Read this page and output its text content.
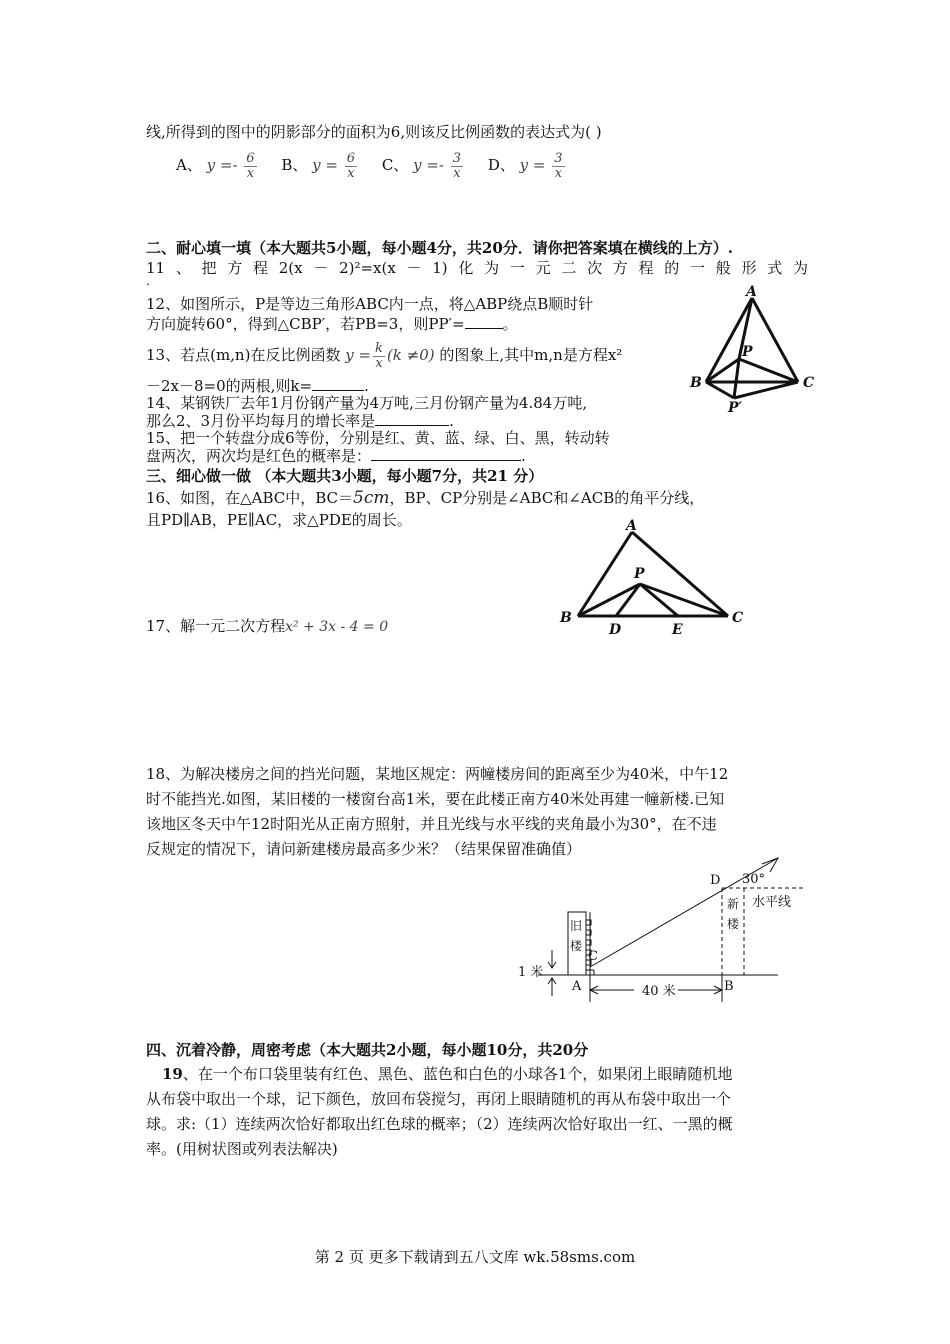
线,所得到的图中的阴影部分的面积为6,则该反比例函数的表达式为( )
A、 $y =- \frac{6}{x}$ B、 $y = \frac{6}{x}$ C、 $y =- \frac{3}{x}$ D、 $y = \frac{3}{x}$
二、耐心填一填（本大题共5小题，每小题4分，共20分．请你把答案填在横线的上方）.
11 、 把 方 程 2(x － 2)²=x(x － 1) 化 为 一 元 二 次 方 程 的 一 般 形 式 为
.
12、如图所示，P是等边三角形ABC内一点，将△ABP绕点B顺时针
方向旋转60°，得到△CBP′，若PB=3，则PP′=	。
13、若点(m,n)在反比例函数 $y = \frac{k}{x} (k \ne 0)$ 的图象上,其中m,n是方程x²
－2x－8=0的两根,则k=	.
14、某钢铁厂去年1月份钢产量为4万吨,三月份钢产量为4.84万吨,
那么2、3月份平均每月的增长率是	.
15、把一个转盘分成6等份，分别是红、黄、蓝、绿、白、黑，转动转
盘两次，两次均是红色的概率是：	.
A
P
B	C
P′
三、细心做一做 （本大题共3小题，每小题7分，共21 分）
16、如图，在△ABC中，BC＝5cm，BP、CP分别是∠ABC和∠ACB的角平分线，
且PD∥AB，PE∥AC，求△PDE的周长。	A
P
B
D	E
C
17、解一元二次方程x² + 3x - 4 = 0
18、为解决楼房之间的挡光问题，某地区规定：两幢楼房间的距离至少为40米，中午12
时不能挡光.如图，某旧楼的一楼窗台高1米，要在此楼正南方40米处再建一幢新楼.已知
该地区冬天中午12时阳光从正南方照射，并且光线与水平线的夹角最小为30°，在不违
反规定的情况下，请问新建楼房最高多少米？（结果保留准确值）
D 30°
新
楼
水平线
旧
楼
C
1 米
A	40 米	B
四、沉着冷静，周密考虑（本大题共2小题，每小题10分，共20分
19、在一个布口袋里装有红色、黑色、蓝色和白色的小球各1个，如果闭上眼睛随机地
从布袋中取出一个球，记下颜色，放回布袋搅匀，再闭上眼睛随机的再从布袋中取出一个
球。求:（1）连续两次恰好都取出红色球的概率；（2）连续两次恰好取出一红、一黑的概
率。(用树状图或列表法解决)
第 2 页 更多下载请到五八文库 wk.58sms.com
